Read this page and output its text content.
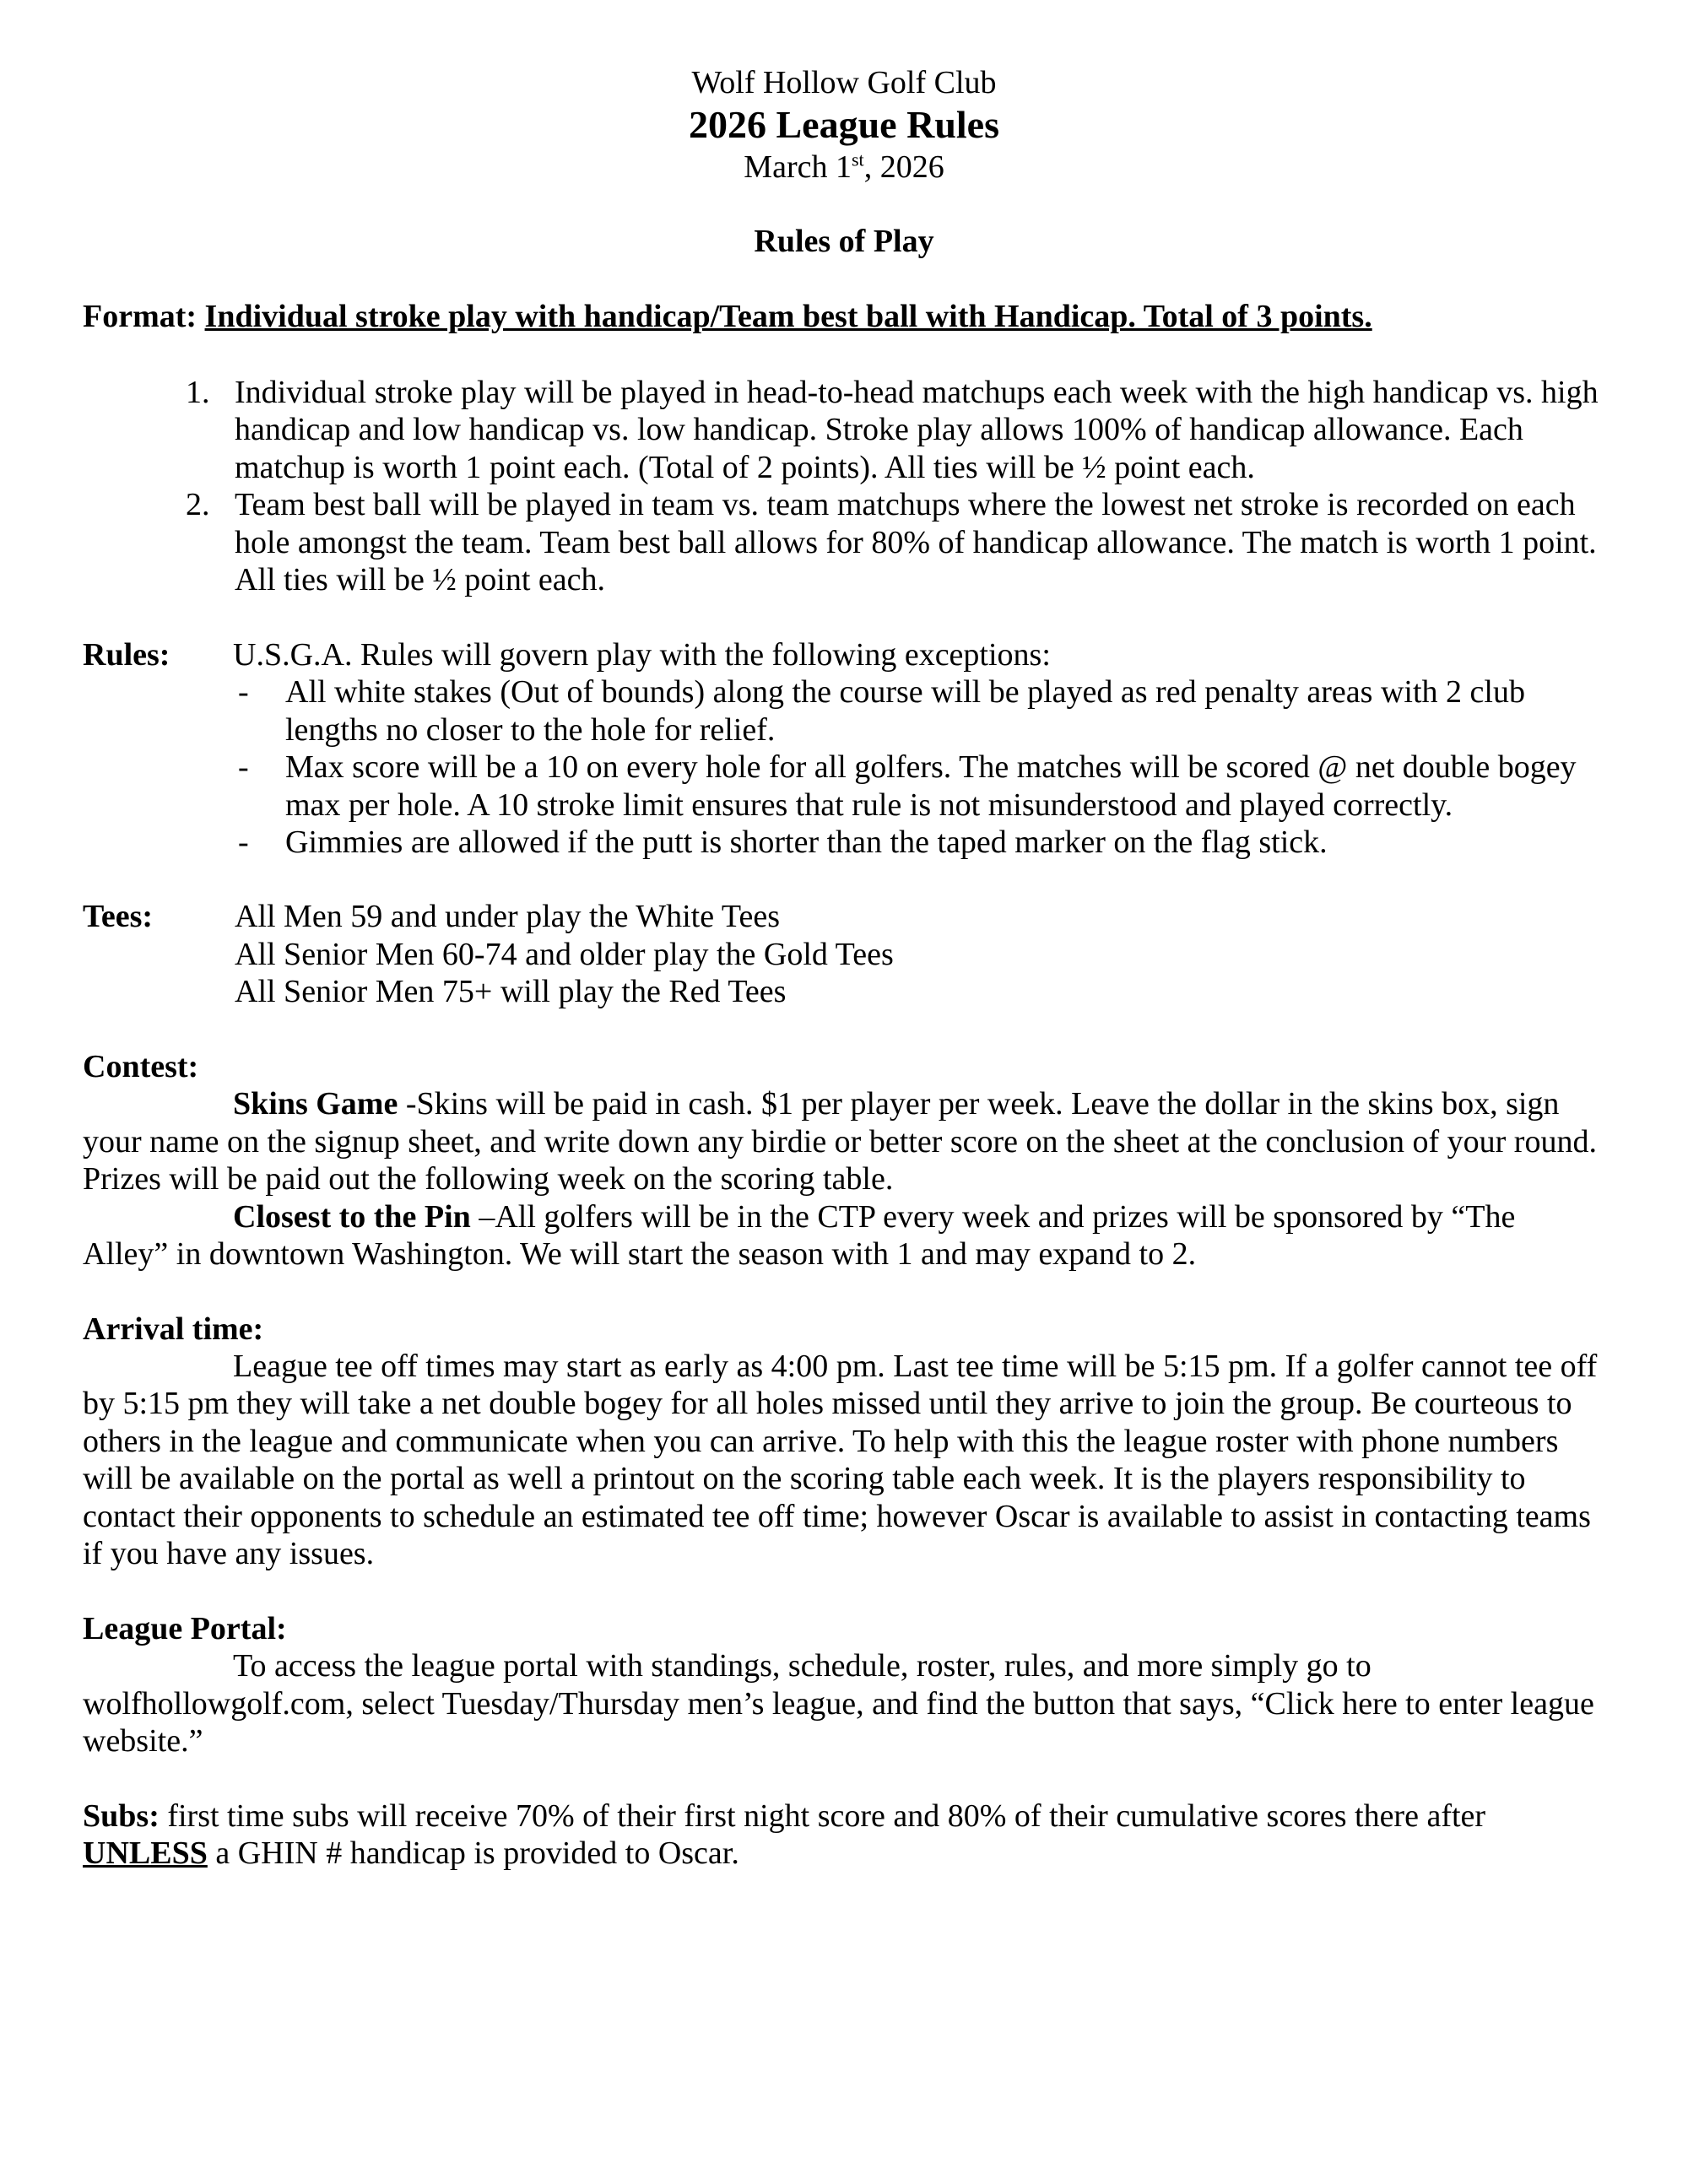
Wolf Hollow Golf Club

2026 League Rules

March 1st, 2026

Rules of Play

Format: Individual stroke play with handicap/Team best ball with Handicap. Total of 3 points.

Individual stroke play will be played in head-to-head matchups each week with the high handicap vs. high handicap and low handicap vs. low handicap. Stroke play allows 100% of handicap allowance. Each matchup is worth 1 point each. (Total of 2 points). All ties will be ½ point each.
Team best ball will be played in team vs. team matchups where the lowest net stroke is recorded on each hole amongst the team. Team best ball allows for 80% of handicap allowance. The match is worth 1 point. All ties will be ½ point each.

Rules: U.S.G.A. Rules will govern play with the following exceptions:

- All white stakes (Out of bounds) along the course will be played as red penalty areas with 2 club lengths no closer to the hole for relief.
- Max score will be a 10 on every hole for all golfers. The matches will be scored @ net double bogey max per hole. A 10 stroke limit ensures that rule is not misunderstood and played correctly.
- Gimmies are allowed if the putt is shorter than the taped marker on the flag stick.
Tees:	All Men 59 and under play the White Tees

All Senior Men 60-74 and older play the Gold Tees

All Senior Men 75+ will play the Red Tees

Contest:

Skins Game -Skins will be paid in cash. $1 per player per week. Leave the dollar in the skins box, sign your name on the signup sheet, and write down any birdie or better score on the sheet at the conclusion of your round. Prizes will be paid out the following week on the scoring table.

Closest to the Pin –All golfers will be in the CTP every week and prizes will be sponsored by “The Alley” in downtown Washington. We will start the season with 1 and may expand to 2.

Arrival time:

League tee off times may start as early as 4:00 pm. Last tee time will be 5:15 pm. If a golfer cannot tee off by 5:15 pm they will take a net double bogey for all holes missed until they arrive to join the group. Be courteous to others in the league and communicate when you can arrive. To help with this the league roster with phone numbers will be available on the portal as well a printout on the scoring table each week. It is the players responsibility to contact their opponents to schedule an estimated tee off time; however Oscar is available to assist in contacting teams if you have any issues.

League Portal:

To access the league portal with standings, schedule, roster, rules, and more simply go to wolfhollowgolf.com, select Tuesday/Thursday men’s league, and find the button that says, “Click here to enter league website.”

Subs: first time subs will receive 70% of their first night score and 80% of their cumulative scores there after UNLESS a GHIN # handicap is provided to Oscar.
